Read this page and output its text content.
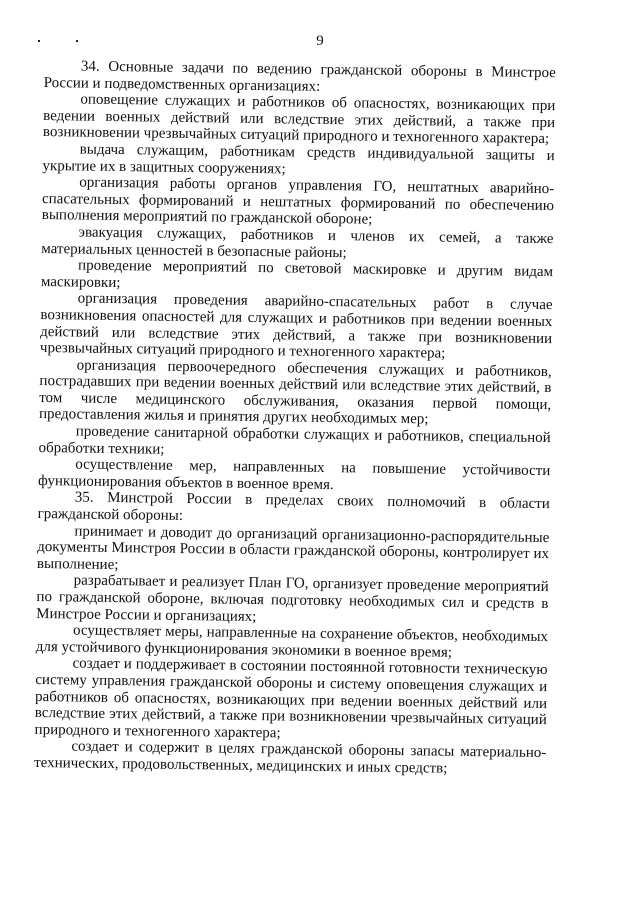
9

34. Основные задачи по ведению гражданской обороны в Минстрое России и подведомственных организациях:

оповещение служащих и работников об опасностях, возникающих при ведении военных действий или вследствие этих действий, а также при возникновении чрезвычайных ситуаций природного и техногенного характера;

выдача служащим, работникам средств индивидуальной защиты и укрытие их в защитных сооружениях;

организация работы органов управления ГО, нештатных аварийно-спасательных формирований и нештатных формирований по обеспечению выполнения мероприятий по гражданской обороне;

эвакуация служащих, работников и членов их семей, а также материальных ценностей в безопасные районы;

проведение мероприятий по световой маскировке и другим видам маскировки;

организация проведения аварийно-спасательных работ в случае возникновения опасностей для служащих и работников при ведении военных действий или вследствие этих действий, а также при возникновении чрезвычайных ситуаций природного и техногенного характера;

организация первоочередного обеспечения служащих и работников, пострадавших при ведении военных действий или вследствие этих действий, в том числе медицинского обслуживания, оказания первой помощи, предоставления жилья и принятия других необходимых мер;

проведение санитарной обработки служащих и работников, специальной обработки техники;

осуществление мер, направленных на повышение устойчивости функционирования объектов в военное время.

35. Минстрой России в пределах своих полномочий в области гражданской обороны:

принимает и доводит до организаций организационно-распорядительные документы Минстроя России в области гражданской обороны, контролирует их выполнение;

разрабатывает и реализует План ГО, организует проведение мероприятий по гражданской обороне, включая подготовку необходимых сил и средств в Минстрое России и организациях;

осуществляет меры, направленные на сохранение объектов, необходимых для устойчивого функционирования экономики в военное время;

создает и поддерживает в состоянии постоянной готовности техническую систему управления гражданской обороны и систему оповещения служащих и работников об опасностях, возникающих при ведении военных действий или вследствие этих действий, а также при возникновении чрезвычайных ситуаций природного и техногенного характера;

создает и содержит в целях гражданской обороны запасы материально-технических, продовольственных, медицинских и иных средств;
